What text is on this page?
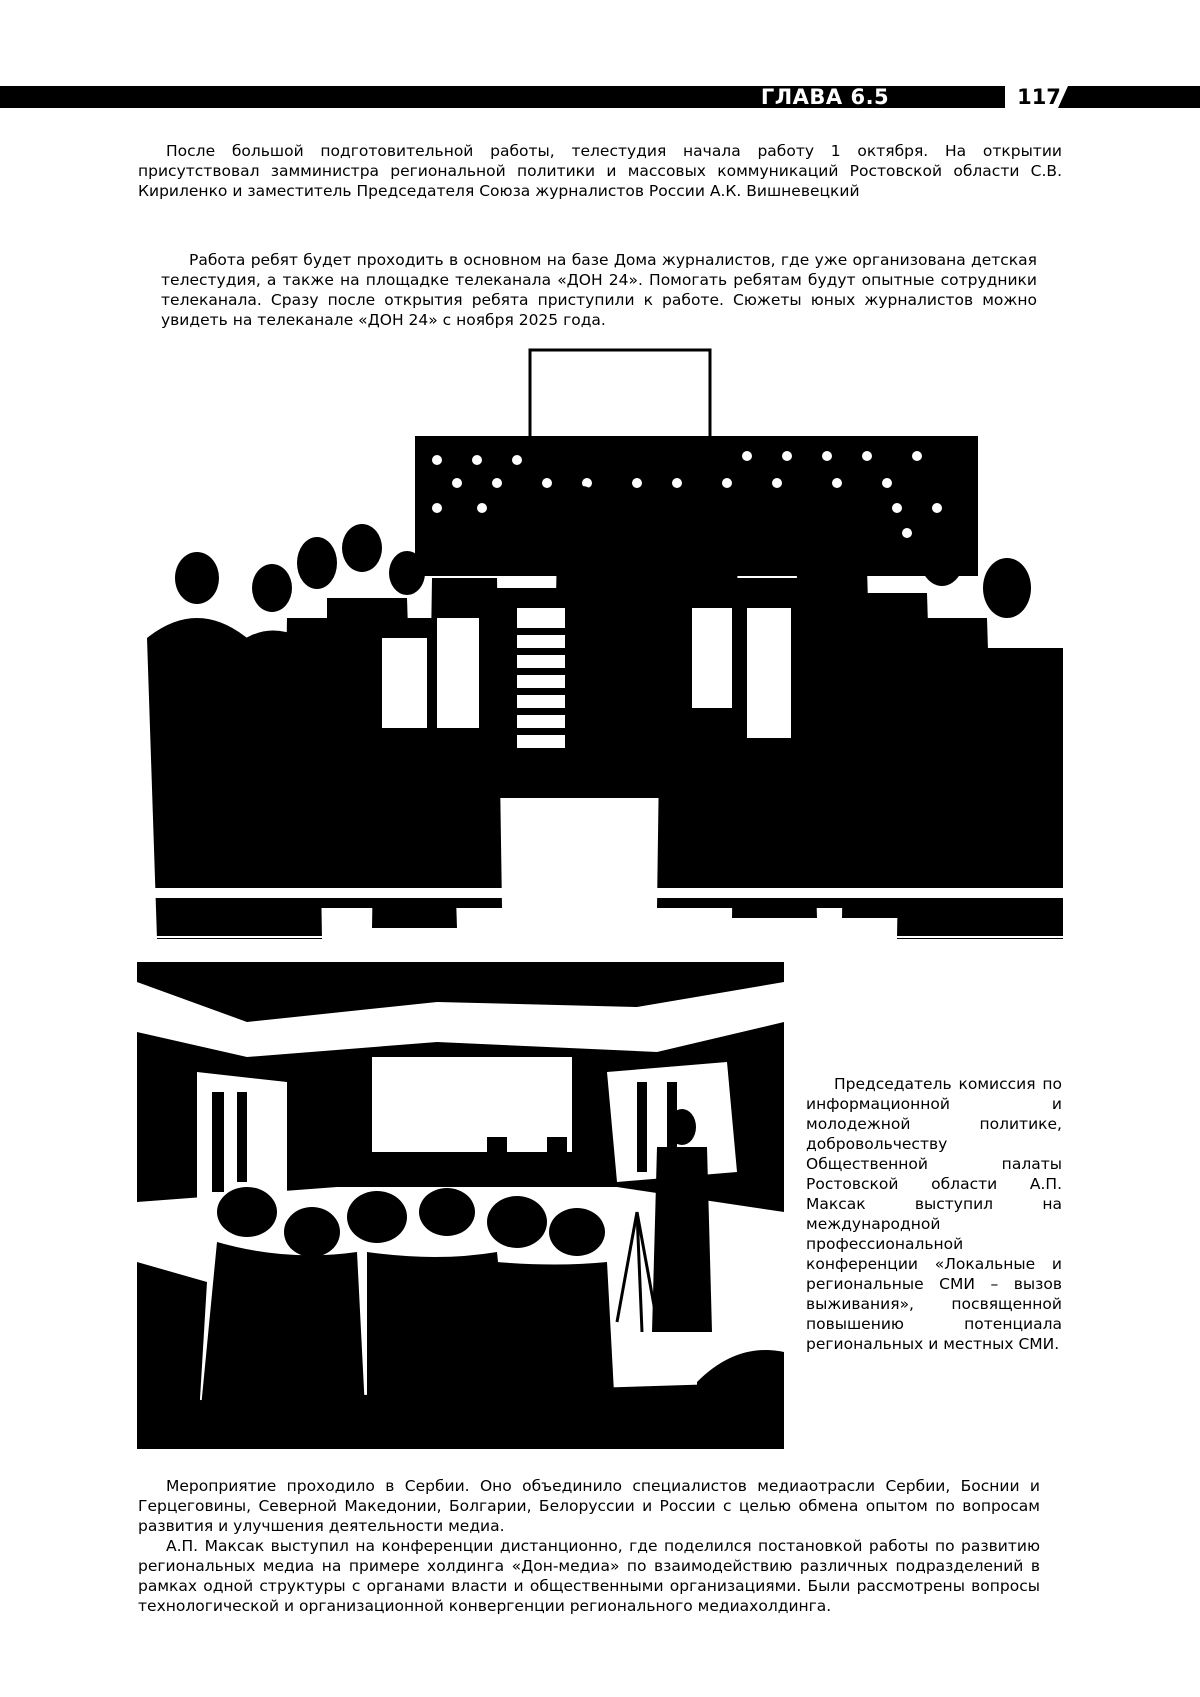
ГЛАВА 6.5	117

После большой подготовительной работы, телестудия начала работу 1 октября. На открытии присутствовал замминистра региональной политики и массовых коммуникаций Ростовской области С.В. Кириленко и заместитель Председателя Союза журналистов России А.К. Вишневецкий

Работа ребят будет проходить в основном на базе Дома журналистов, где уже организована детская телестудия, а также на площадке телеканала «ДОН 24». Помогать ребятам будут опытные сотрудники телеканала. Сразу после открытия ребята приступили к работе. Сюжеты юных журналистов можно увидеть на телеканале «ДОН 24» с ноября 2025 года.

Председатель комиссия по информационной и молодежной политике, добровольчеству Общественной палаты Ростовской области А.П. Максак выступил на международной профессиональной конференции «Локальные и региональные СМИ – вызов выживания», посвященной повышению потенциала региональных и местных СМИ.

Мероприятие проходило в Сербии. Оно объединило специалистов медиаотрасли Сербии, Боснии и Герцеговины, Северной Македонии, Болгарии, Белоруссии и России с целью обмена опытом по вопросам развития и улучшения деятельности медиа.

А.П. Максак выступил на конференции дистанционно, где поделился постановкой работы по развитию региональных медиа на примере холдинга «Дон-медиа» по взаимодействию различных подразделений в рамках одной структуры с органами власти и общественными организациями. Были рассмотрены вопросы технологической и организационной конвергенции регионального медиахолдинга.
